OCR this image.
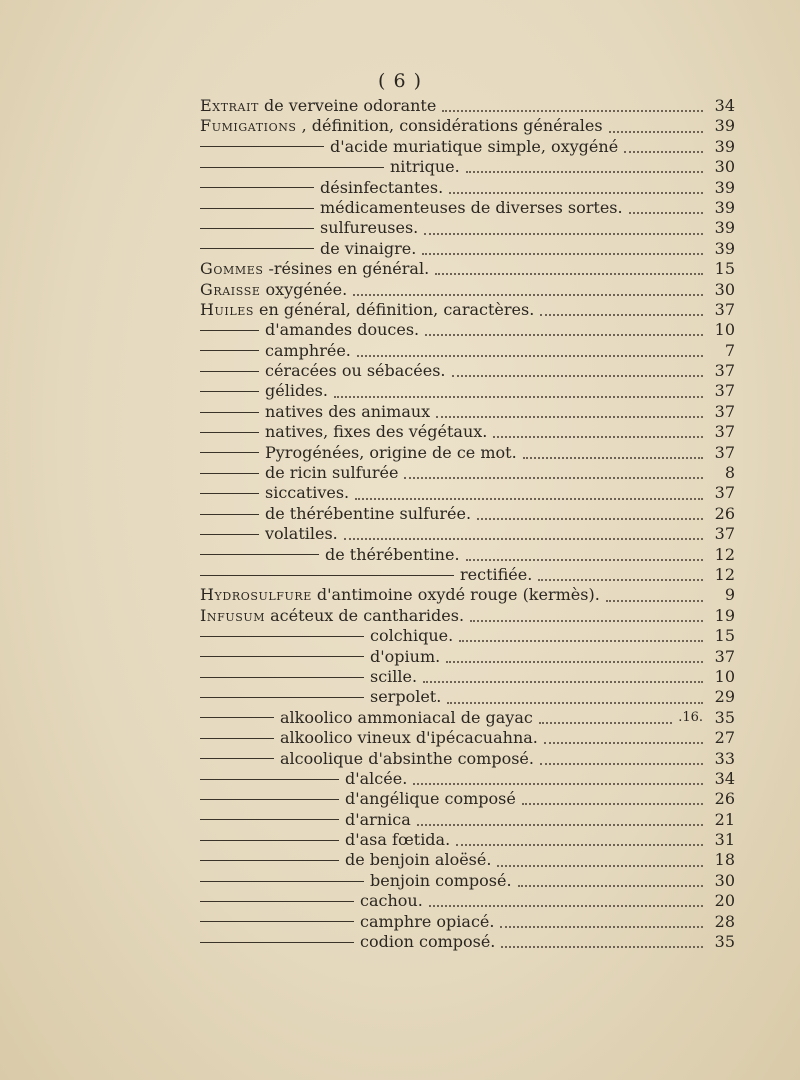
( 6 )
Extrait de verveine odorante	34
Fumigations , définition, considérations générales	39
d'acide muriatique simple, oxygéné	39
nitrique.	30
désinfectantes.	39
médicamenteuses de diverses sortes.	39
sulfureuses.	39
de vinaigre.	39
Gommes -résines en général.	15
Graisse oxygénée.	30
Huiles en général, définition, caractères.	37
d'amandes douces.	10
camphrée.	7
céracées ou sébacées.	37
gélides.	37
natives des animaux	37
natives, fixes des végétaux.	37
Pyrogénées, origine de ce mot.	37
de ricin sulfurée	8
siccatives.	37
de thérébentine sulfurée.	26
volatiles.	37
de thérébentine.	12
rectifiée.	12
Hydrosulfure d'antimoine oxydé rouge (kermès).	9
Infusum acéteux de cantharides.	19
colchique.	15
d'opium.	37
scille.	10
serpolet.	29
alkoolico ammoniacal de gayac	.16. 35
alkoolico vineux d'ipécacuahna.	27
alcoolique d'absinthe composé.	33
d'alcée.	34
d'angélique composé	26
d'arnica	21
d'asa fœtida.	31
de benjoin aloësé.	18
benjoin composé.	30
cachou.	20
camphre opiacé.	28
codion composé.	35
